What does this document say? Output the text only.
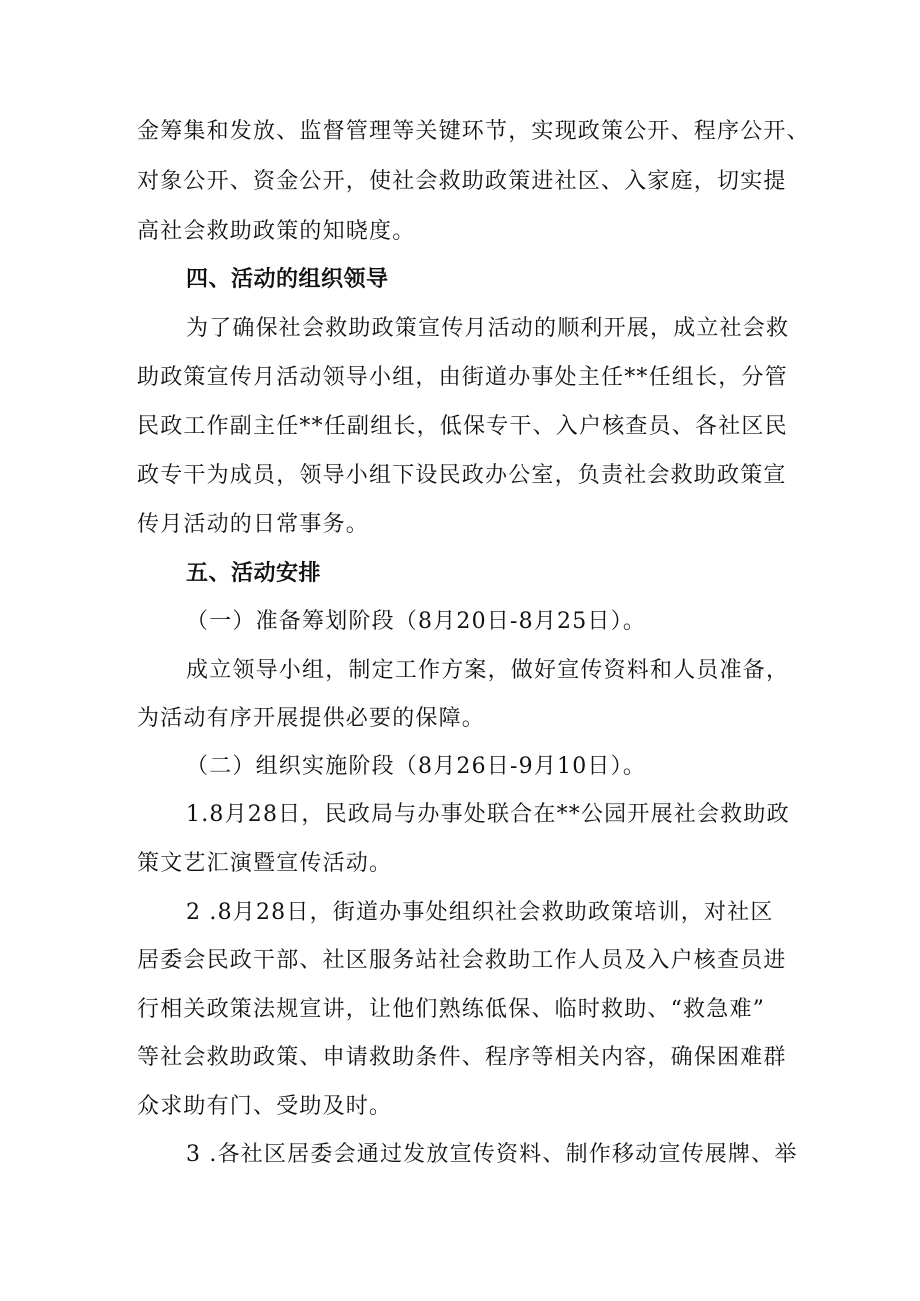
金筹集和发放、监督管理等关键环节，实现政策公开、程序公开、
对象公开、资金公开，使社会救助政策进社区、入家庭，切实提
高社会救助政策的知晓度。
四、活动的组织领导
为了确保社会救助政策宣传月活动的顺利开展，成立社会救
助政策宣传月活动领导小组，由街道办事处主任**任组长，分管
民政工作副主任**任副组长，低保专干、入户核查员、各社区民
政专干为成员，领导小组下设民政办公室，负责社会救助政策宣
传月活动的日常事务。
五、活动安排
（一）准备筹划阶段（8月20日-8月25日）。
成立领导小组，制定工作方案，做好宣传资料和人员准备，
为活动有序开展提供必要的保障。
（二）组织实施阶段（8月26日-9月10日）。
1.8月28日，民政局与办事处联合在**公园开展社会救助政
策文艺汇演暨宣传活动。
2 .8月28日，街道办事处组织社会救助政策培训，对社区
居委会民政干部、社区服务站社会救助工作人员及入户核查员进
行相关政策法规宣讲，让他们熟练低保、临时救助、“救急难”
等社会救助政策、申请救助条件、程序等相关内容，确保困难群
众求助有门、受助及时。
3 .各社区居委会通过发放宣传资料、制作移动宣传展牌、举
